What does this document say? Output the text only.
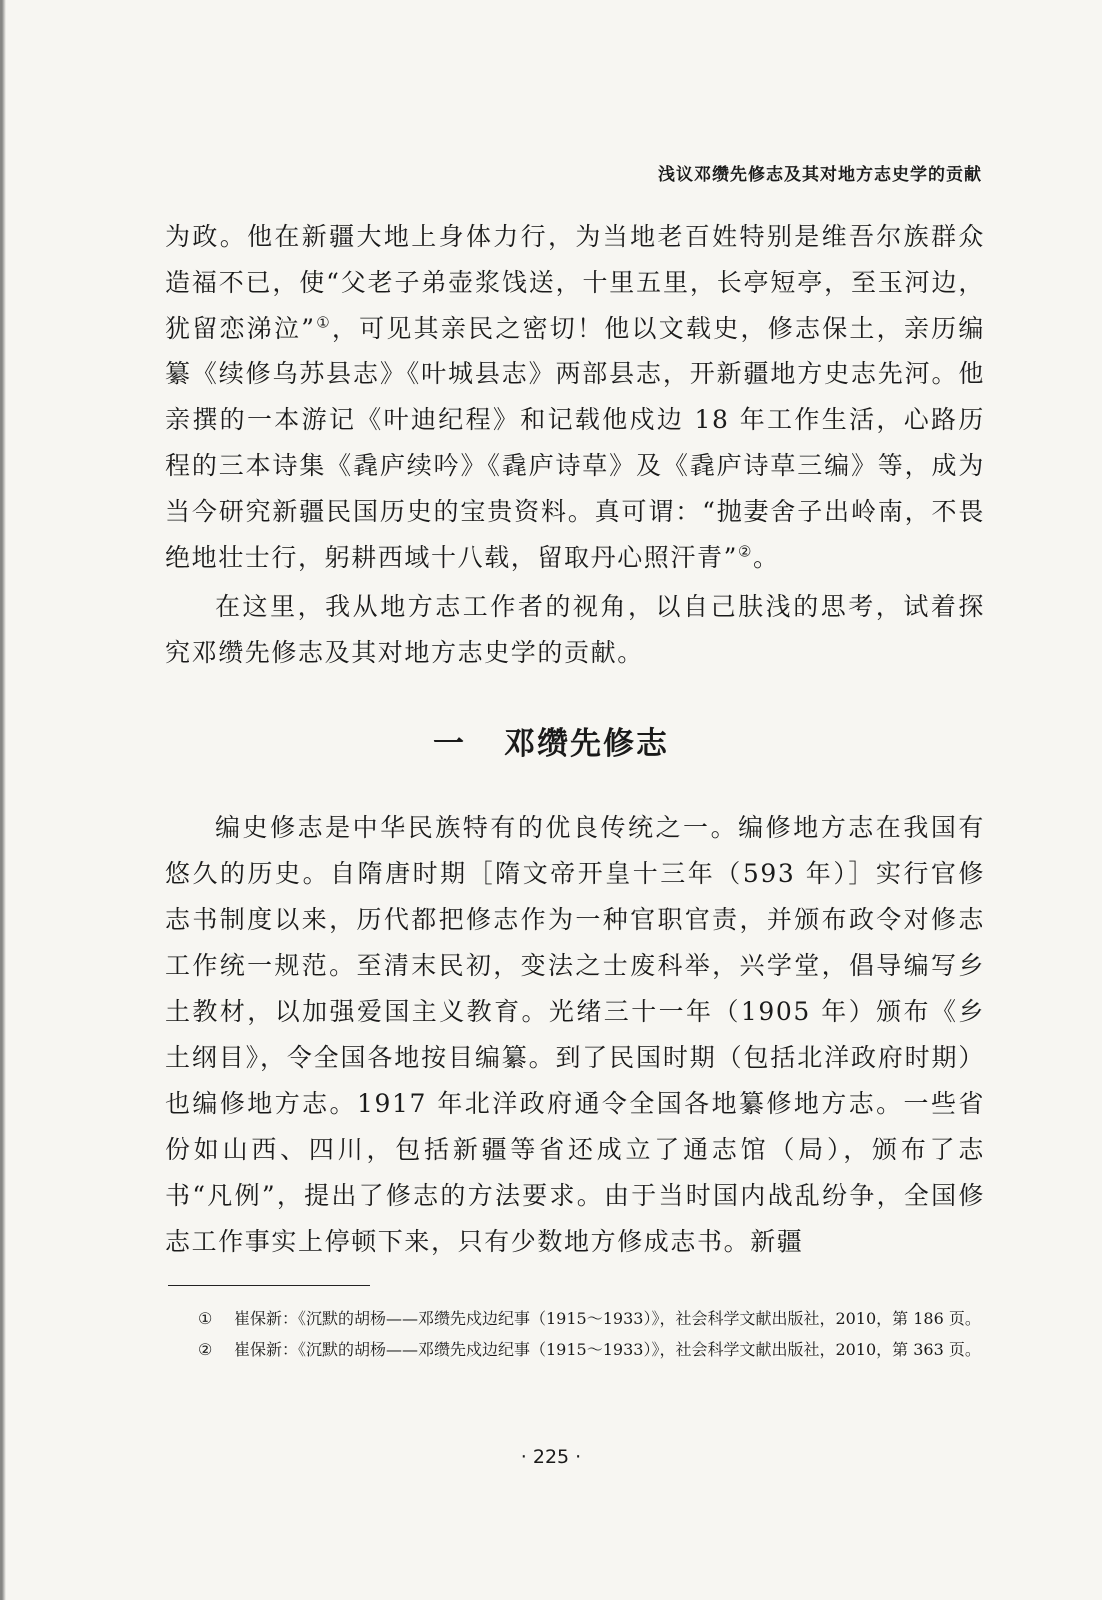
浅议邓缵先修志及其对地方志史学的贡献

为政。他在新疆大地上身体力行，为当地老百姓特别是维吾尔族群众造福不已，使“父老子弟壶浆饯送，十里五里，长亭短亭，至玉河边，犹留恋涕泣”①，可见其亲民之密切！他以文载史，修志保土，亲历编纂《续修乌苏县志》《叶城县志》两部县志，开新疆地方史志先河。他亲撰的一本游记《叶迪纪程》和记载他戍边 18 年工作生活，心路历程的三本诗集《毳庐续吟》《毳庐诗草》及《毳庐诗草三编》等，成为当今研究新疆民国历史的宝贵资料。真可谓：“抛妻舍子出岭南，不畏绝地壮士行，躬耕西域十八载，留取丹心照汗青”②。

在这里，我从地方志工作者的视角，以自己肤浅的思考，试着探究邓缵先修志及其对地方志史学的贡献。

一 邓缵先修志

编史修志是中华民族特有的优良传统之一。编修地方志在我国有悠久的历史。自隋唐时期［隋文帝开皇十三年（593 年）］实行官修志书制度以来，历代都把修志作为一种官职官责，并颁布政令对修志工作统一规范。至清末民初，变法之士废科举，兴学堂，倡导编写乡土教材，以加强爱国主义教育。光绪三十一年（1905 年）颁布《乡土纲目》，令全国各地按目编纂。到了民国时期（包括北洋政府时期）也编修地方志。1917 年北洋政府通令全国各地纂修地方志。一些省份如山西、四川，包括新疆等省还成立了通志馆（局），颁布了志书“凡例”，提出了修志的方法要求。由于当时国内战乱纷争，全国修志工作事实上停顿下来，只有少数地方修成志书。新疆

①	崔保新：《沉默的胡杨——邓缵先戍边纪事（1915～1933）》，社会科学文献出版社，2010，第 186 页。
②	崔保新：《沉默的胡杨——邓缵先戍边纪事（1915～1933）》，社会科学文献出版社，2010，第 363 页。
· 225 ·
